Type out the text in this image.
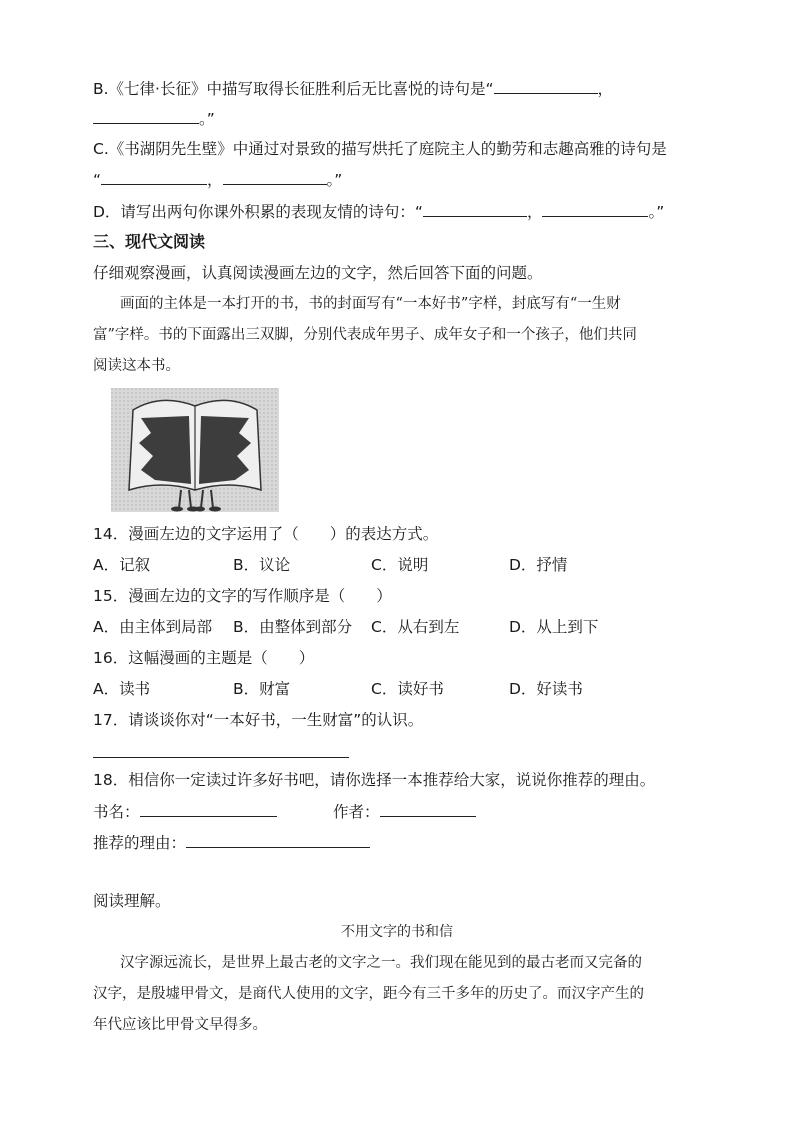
B.《七律·长征》中描写取得长征胜利后无比喜悦的诗句是“	，
。”
C.《书湖阴先生壁》中通过对景致的描写烘托了庭院主人的勤劳和志趣高雅的诗句是
“	，	。”
D．请写出两句你课外积累的表现友情的诗句：“	，	。”
三、现代文阅读
仔细观察漫画，认真阅读漫画左边的文字，然后回答下面的问题。
画面的主体是一本打开的书，书的封面写有“一本好书”字样，封底写有“一生财
富”字样。书的下面露出三双脚，分别代表成年男子、成年女子和一个孩子，他们共同
阅读这本书。
14．漫画左边的文字运用了（　　）的表达方式。
A．记叙	B．议论	C．说明	D．抒情
15．漫画左边的文字的写作顺序是（　　）
A．由主体到局部 B．由整体到部分 C．从右到左	D．从上到下
16．这幅漫画的主题是（　　）
A．读书	B．财富	C．读好书	D．好读书
17．请谈谈你对“一本好书，一生财富”的认识。
18．相信你一定读过许多好书吧，请你选择一本推荐给大家，说说你推荐的理由。
书名：	作者：
推荐的理由：
阅读理解。
不用文字的书和信
汉字源远流长，是世界上最古老的文字之一。我们现在能见到的最古老而又完备的
汉字，是殷墟甲骨文，是商代人使用的文字，距今有三千多年的历史了。而汉字产生的
年代应该比甲骨文早得多。
